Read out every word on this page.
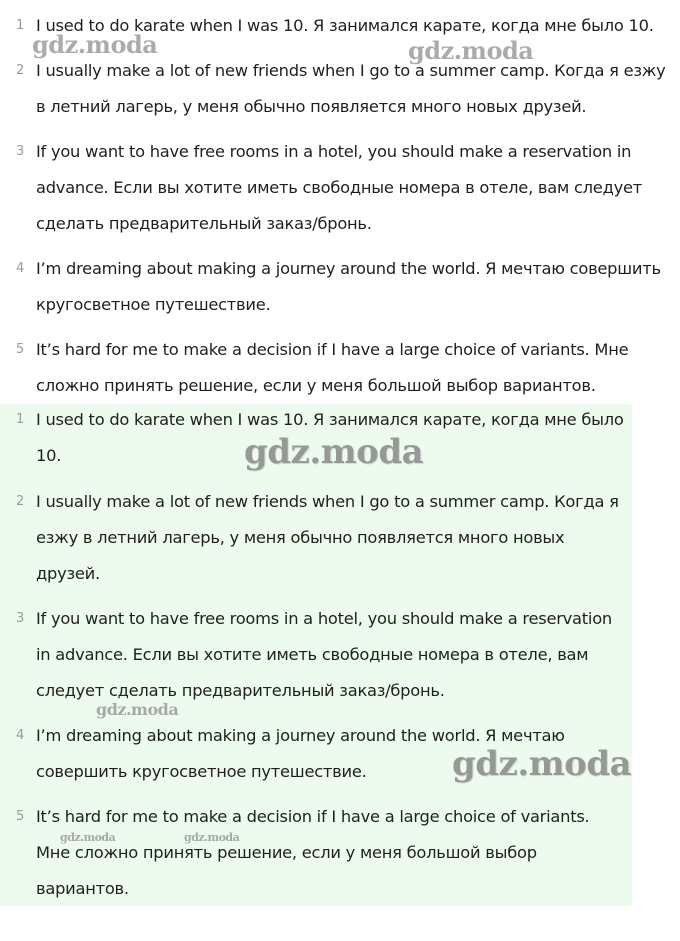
1 I used to do karate when I was 10. Я занимался карате, когда мне было 10.
2 I usually make a lot of new friends when I go to a summer camp. Когда я езжу
в летний лагерь, у меня обычно появляется много новых друзей.
3 If you want to have free rooms in a hotel, you should make a reservation in
advance. Если вы хотите иметь свободные номера в отеле, вам следует
сделать предварительный заказ/бронь.
4 I’m dreaming about making a journey around the world. Я мечтаю совершить
кругосветное путешествие.
5 It’s hard for me to make a decision if I have a large choice of variants. Мне
сложно принять решение, если у меня большой выбор вариантов.
1 I used to do karate when I was 10. Я занимался карате, когда мне было
10.
2 I usually make a lot of new friends when I go to a summer camp. Когда я
езжу в летний лагерь, у меня обычно появляется много новых
друзей.
3 If you want to have free rooms in a hotel, you should make a reservation
in advance. Если вы хотите иметь свободные номера в отеле, вам
следует сделать предварительный заказ/бронь.
4 I’m dreaming about making a journey around the world. Я мечтаю
совершить кругосветное путешествие.
5 It’s hard for me to make a decision if I have a large choice of variants.
Мне сложно принять решение, если у меня большой выбор
вариантов.
gdz.moda	gdz.moda
gdz.moda
gdz.moda
gdz.moda
gdz.moda	gdz.moda
